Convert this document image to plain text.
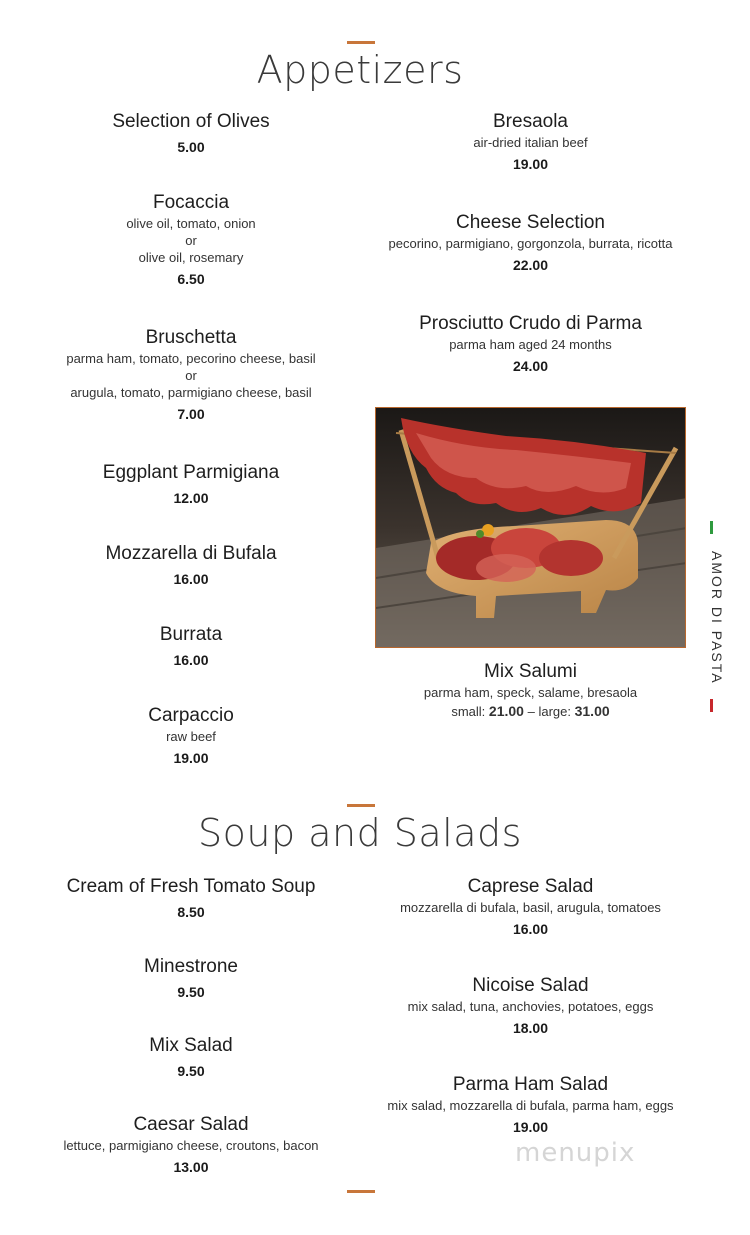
Appetizers
Selection of Olives
5.00
Focaccia
olive oil, tomato, onion
or
olive oil, rosemary
6.50
Bruschetta
parma ham, tomato, pecorino cheese, basil
or
arugula, tomato, parmigiano cheese, basil
7.00
Eggplant Parmigiana
12.00
Mozzarella di Bufala
16.00
Burrata
16.00
Carpaccio
raw beef
19.00
Bresaola
air-dried italian beef
19.00
Cheese Selection
pecorino, parmigiano, gorgonzola, burrata, ricotta
22.00
Prosciutto Crudo di Parma
parma ham aged 24 months
24.00
Mix Salumi
parma ham, speck, salame, bresaola
small: 21.00 – large: 31.00
AMOR DI PASTA
Soup and Salads
Cream of Fresh Tomato Soup
8.50
Minestrone
9.50
Mix Salad
9.50
Caesar Salad
lettuce, parmigiano cheese, croutons, bacon
13.00
Caprese Salad
mozzarella di bufala, basil, arugula, tomatoes
16.00
Nicoise Salad
mix salad, tuna, anchovies, potatoes, eggs
18.00
Parma Ham Salad
mix salad, mozzarella di bufala, parma ham, eggs
19.00
menupix
